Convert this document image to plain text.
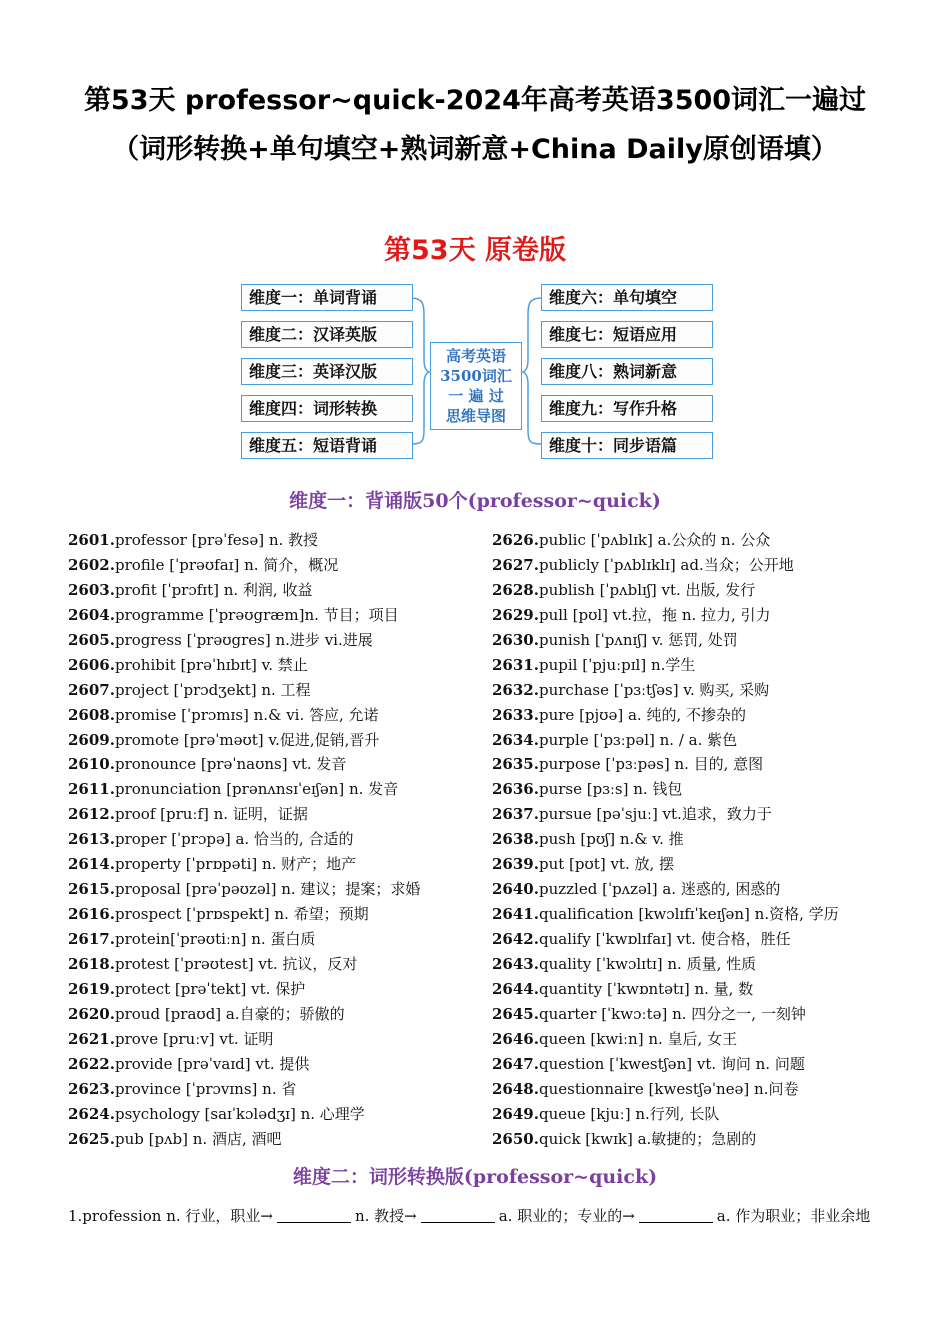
第53天 professor~quick-2024年高考英语3500词汇一遍过（词形转换+单句填空+熟词新意+China Daily原创语填）
第53天 原卷版
维度一：单词背诵
维度二：汉译英版
维度三：英译汉版
维度四：词形转换
维度五：短语背诵
高考英语
3500词汇
一 遍 过
思维导图
维度六：单句填空
维度七：短语应用
维度八：熟词新意
维度九：写作升格
维度十：同步语篇
维度一：背诵版50个(professor~quick)
2601.professor [prəˈfesə] n. 教授
2602.profile [ˈprəʊfaɪ] n. 简介，概况
2603.profit [ˈprɔfɪt] n. 利润, 收益
2604.programme [ˈprəʊgræm]n. 节目；项目
2605.progress [ˈprəʊgres] n.进步 vi.进展
2606.prohibit [prəˈhɪbɪt] v. 禁止
2607.project [ˈprɔdʒekt] n. 工程
2608.promise [ˈprɔmɪs] n.& vi. 答应, 允诺
2609.promote [prəˈməʊt] v.促进,促销,晋升
2610.pronounce [prəˈnaʊns] vt. 发音
2611.pronunciation [prənʌnsɪˈeɪʃən] n. 发音
2612.proof [pruːf] n. 证明，证据
2613.proper [ˈprɔpə] a. 恰当的, 合适的
2614.property [ˈprɒpəti] n. 财产；地产
2615.proposal [prəˈpəʊzəl] n. 建议；提案；求婚
2616.prospect [ˈprɒspekt] n. 希望；预期
2617.protein[ˈprəʊtiːn] n. 蛋白质
2618.protest [ˈprəʊtest] vt. 抗议，反对
2619.protect [prəˈtekt] vt. 保护
2620.proud [praʊd] a.自豪的；骄傲的
2621.prove [pruːv] vt. 证明
2622.provide [prəˈvaɪd] vt. 提供
2623.province [ˈprɔvɪns] n. 省
2624.psychology [saɪˈkɔlədʒɪ] n. 心理学
2625.pub [pʌb] n. 酒店, 酒吧
2626.public [ˈpʌblɪk] a.公众的 n. 公众
2627.publicly [ˈpʌblɪklɪ] ad.当众；公开地
2628.publish [ˈpʌblɪʃ] vt. 出版, 发行
2629.pull [pʊl] vt.拉，拖 n. 拉力, 引力
2630.punish [ˈpʌnɪʃ] v. 惩罚, 处罚
2631.pupil [ˈpjuːpɪl] n.学生
2632.purchase [ˈpɜːtʃəs] v. 购买, 采购
2633.pure [pjʊə] a. 纯的, 不掺杂的
2634.purple [ˈpɜːpəl] n. / a. 紫色
2635.purpose [ˈpɜːpəs] n. 目的, 意图
2636.purse [pɜːs] n. 钱包
2637.pursue [pəˈsjuː] vt.追求，致力于
2638.push [pʊʃ] n.& v. 推
2639.put [pʊt] vt. 放, 摆
2640.puzzled [ˈpʌzəl] a. 迷惑的, 困惑的
2641.qualification [kwɔlɪfɪˈkeɪʃən] n.资格, 学历
2642.qualify [ˈkwɒlɪfaɪ] vt. 使合格，胜任
2643.quality [ˈkwɔlɪtɪ] n. 质量, 性质
2644.quantity [ˈkwɒntətɪ] n. 量, 数
2645.quarter [ˈkwɔːtə] n. 四分之一, 一刻钟
2646.queen [kwiːn] n. 皇后, 女王
2647.question [ˈkwestʃən] vt. 询问 n. 问题
2648.questionnaire [kwestʃəˈneə] n.问卷
2649.queue [kjuː] n.行列, 长队
2650.quick [kwɪk] a.敏捷的；急剧的
维度二：词形转换版(professor~quick)
1.profession n. 行业，职业→	n. 教授→	a. 职业的；专业的→	a. 作为职业；非业余地
